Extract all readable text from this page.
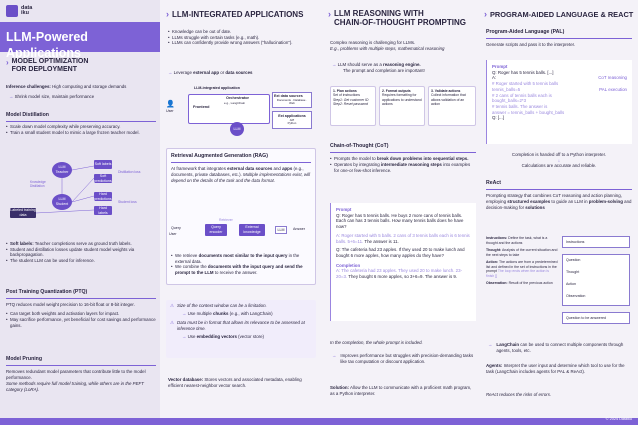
data
iku
LLM-Powered Applications
› MODEL OPTIMIZATION
FOR DEPLOYMENT
Inference challenges: High computing and storage demands
→ Shrink model size, maintain performance
Model Distillation
• Scale down model complexity while preserving accuracy.
• Train a small student model to mimic a large frozen teacher model.
LLM Teacher
LLM Student
Knowledge Distillation
Labeled training data
Soft labels
Soft predictions
Hard predictions
Hard labels
Distillation loss
Student loss
• Soft labels: Teacher completions serve as ground truth labels.
• Student and distillation losses update student model weights via backpropagation.
• The student LLM can be used for inference.
Post Training Quantization (PTQ)
PTQ reduces model weight precision to 16-bit float or 8-bit integer.
• Can target both weights and activation layers for impact.
• May sacrifice performance, yet beneficial for cost savings and performance gains.
Model Pruning
Removes redundant model parameters that contribute little to the model performance.
Some methods require full model training, while others are in the PEFT category (LoRA).
› LLM-INTEGRATED APPLICATIONS
• Knowledge can be out of date.
• LLMs struggle with certain tasks (e.g., math).
• LLMs can confidently provide wrong answers ("hallucination").
→ Leverage external app or data sources
LLM-integrated application
👤
User
Frontend
Orchestrator
e.g., LangChain
LLM
Ext data sources
Documents · Database · Web
Ext applications
API
Python
Retrieval Augmented Generation (RAG)
AI framework that integrates external data sources and apps (e.g., documents, private databases, etc.). Multiple implementations exist, will depend on the details of the task and the data format.
Query
User
Retriever
Query encoder
External knowledge
LLM	Answer
• We retrieve documents most similar to the input query in the external data.
• We combine the documents with the input query and send the prompt to the LLM to receive the answer.
⚠ Size of the context window can be a limitation.
→ Use multiple chunks (e.g., with LangChain)
⚠ Data must be in format that allows its relevance to be assessed at inference time.
→ Use embedding vectors (vector store)
Vector database: Stores vectors and associated metadata, enabling efficient nearest-neighbor vector search.
› LLM REASONING WITH
CHAIN-OF-THOUGHT PROMPTING
Complex reasoning is challenging for LLMs.
E.g., problems with multiple steps, mathematical reasoning
→ LLM should serve as a reasoning engine.
The prompt and completion are important!
1. Plan actions
Set of instructions
Step1: Get customer ID
Step2: Reset password
2. Format outputs
Requires formatting for applications to understand actions
3. Validate actions
Collect information that allows validation of an action
Chain-of-Thought (CoT)
• Prompts the model to break down problems into sequential steps.
• Operates by integrating intermediate reasoning steps into examples for one-or few-shot inference.
Prompt
Q: Roger has 5 tennis balls. He buys 2 more cans of tennis balls. Each can has 3 tennis balls. How many tennis balls does he have now?
A: Roger started with 5 balls. 2 cans of 3 tennis balls each is 6 tennis balls. 5+6=11. The answer is 11.
Q: The cafeteria had 23 apples. If they used 20 to make lunch and bought 6 more apples, how many apples do they have?
Completion
A: The cafeteria had 23 apples. They used 20 to make lunch. 23-20=3. They bought 6 more apples, so 3+6=9. The answer is 9.
In the completion, the whole prompt is included.
→ Improves performance but struggles with precision-demanding tasks like tax computation or discount application.
Solution: Allow the LLM to communicate with a proficient math program, as a Python interpreter.
› PROGRAM-AIDED LANGUAGE & REACT
Program-Aided Language (PAL)
Generate scripts and pass it to the interpreter.
Prompt
Q: Roger has 5 tennis balls. [...]
A:	CoT reasoning
# Roger started with 5 tennis balls
tennis_balls=5	PAL execution
# 2 cans of tennis balls each is
bought_balls=2*3
# tennis balls. The answer is
answer = tennis_balls + bought_balls
Q: [...]
Completion is handed off to a Python interpreter.
↓
Calculations are accurate and reliable.
ReAct
Prompting strategy that combines CoT reasoning and action planning, employing structured examples to guide an LLM in problem-solving and decision-making for solutions
Instructions: Define the task, what is a thought and the actions
Thought: Analysis of the current situation and the next steps to take
Action: The actions are from a predetermined list and defined in the set of instructions in the prompt The loop ends when the action is finish []
Observation: Result of the previous action
Instructions
Question
Thought
Action
Observation
Question to be answered
→ LangChain can be used to connect multiple components through agents, tools, etc.
Agents: Interpret the user input and determine which tool to use for the task (LangChain includes agents for PAL & ReAct).
ReAct reduces the risks of errors.
© 2024 Dataiku
